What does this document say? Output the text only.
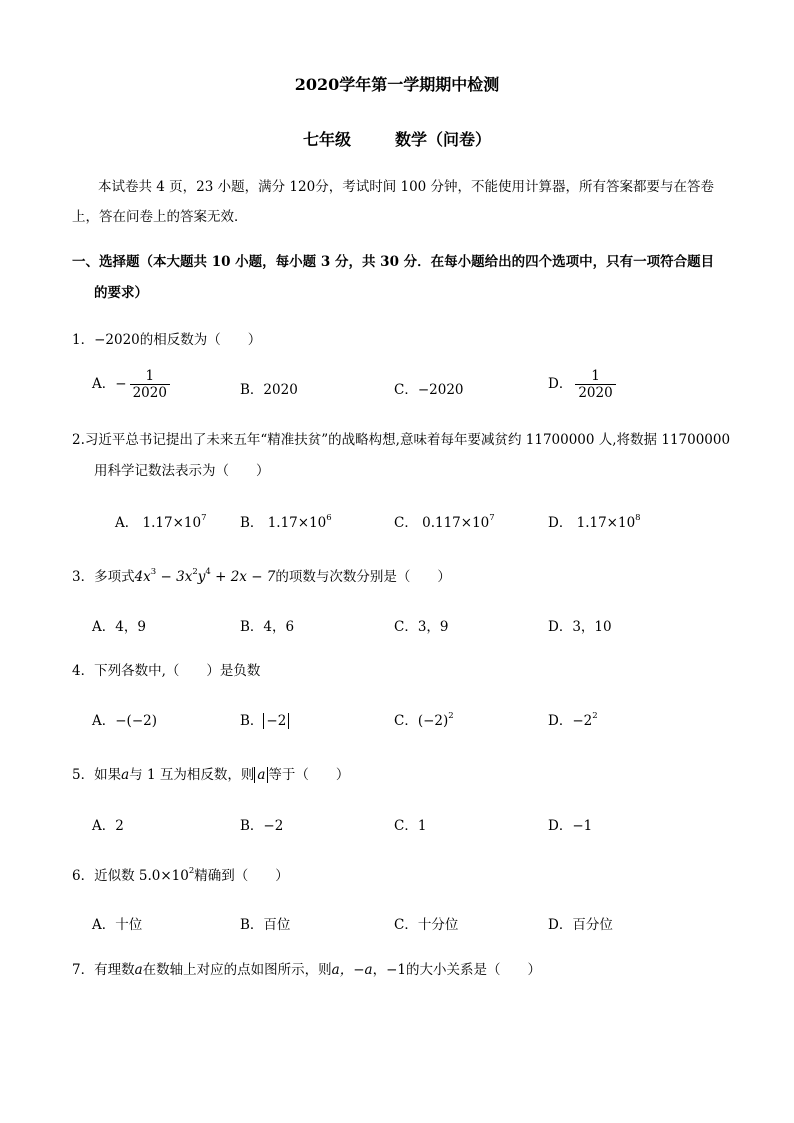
2020学年第一学期期中检测
七年级	数学（问卷）
本试卷共 4 页，23 小题，满分 120分，考试时间 100 分钟，不能使用计算器，所有答案都要与在答卷
上，答在问卷上的答案无效．
一、选择题（本大题共 10 小题，每小题 3 分，共 30 分．在每小题给出的四个选项中，只有一项符合题目
的要求）
1．−2020的相反数为（　　）
A．− $\frac{1}{2020}$	B．2020	C．−2020	D． $\frac{1}{2020}$
2.习近平总书记提出了未来五年“精准扶贫”的战略构想,意味着每年要减贫约 11700000 人,将数据 11700000
用科学记数法表示为（　　）
A． $1.17\times 10^7$ B． $1.17\times 10^6$	C． $0.117\times 10^7$	D． $1.17\times 10^8$
3．多项式$4x^3 - 3x^2y^4 + 2x - 7$的项数与次数分别是（　　）
A．4，9	B．4，6	C．3，9	D．3，10
4．下列各数中,（　　）是负数
A．−(−2)	B． −2	C．$(-2)^2$	D．$-2^2$
5．如果a与 1 互为相反数，则 a 等于（　　）
A．2	B．−2	C．1	D．−1
6．近似数 $5.0\times 10^2$精确到（　　）
A．十位	B．百位	C．十分位	D．百分位
7．有理数a在数轴上对应的点如图所示，则a，−a，−1的大小关系是（　　）
